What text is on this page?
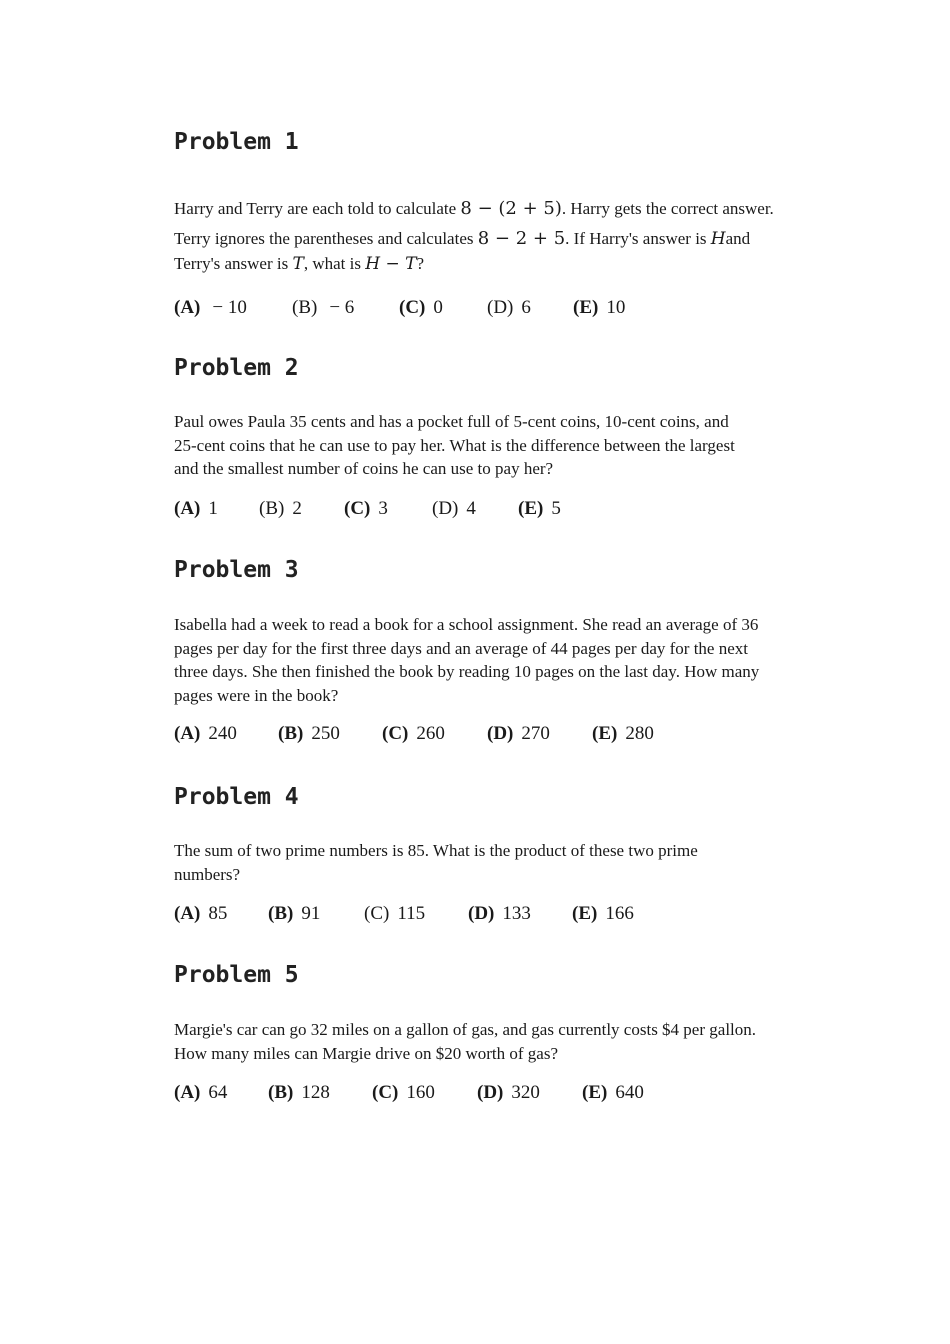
Problem 1

Harry and Terry are each told to calculate 8 − (2 + 5). Harry gets the correct answer.

Terry ignores the parentheses and calculates 8 − 2 + 5. If Harry's answer is Hand

Terry's answer is T, what is H − T?

(A) − 10 (B) − 6 (C) 0 (D) 6 (E) 10
Problem 2

Paul owes Paula 35 cents and has a pocket full of 5-cent coins, 10-cent coins, and

25-cent coins that he can use to pay her. What is the difference between the largest

and the smallest number of coins he can use to pay her?

(A) 1 (B) 2 (C) 3 (D) 4 (E) 5
Problem 3

Isabella had a week to read a book for a school assignment. She read an average of 36

pages per day for the first three days and an average of 44 pages per day for the next

three days. She then finished the book by reading 10 pages on the last day. How many

pages were in the book?

(A) 240 (B) 250 (C) 260 (D) 270 (E) 280
Problem 4

The sum of two prime numbers is 85. What is the product of these two prime

numbers?

(A) 85 (B) 91 (C) 115 (D) 133 (E) 166
Problem 5

Margie's car can go 32 miles on a gallon of gas, and gas currently costs $4 per gallon.

How many miles can Margie drive on $20 worth of gas?

(A) 64 (B) 128 (C) 160 (D) 320 (E) 640
